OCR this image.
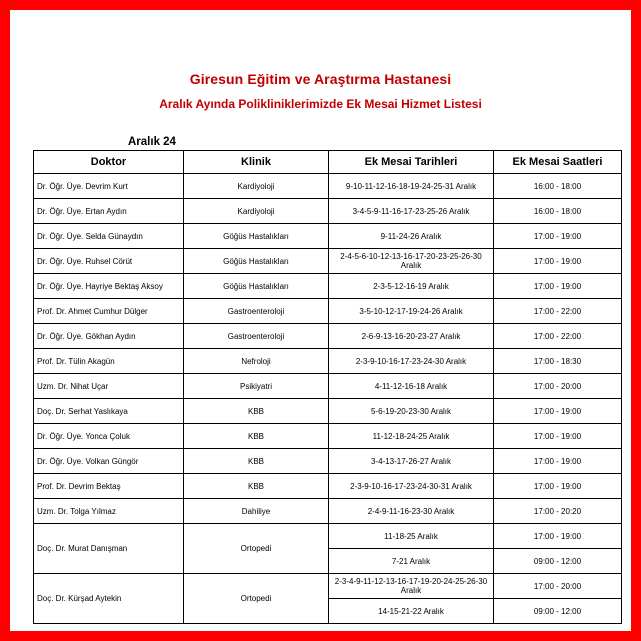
Giresun Eğitim ve Araştırma Hastanesi
Aralık Ayında Polikliniklerimizde Ek Mesai Hizmet Listesi
Aralık 24
Doktor	Klinik	Ek Mesai Tarihleri	Ek Mesai Saatleri
Dr. Öğr. Üye. Devrim Kurt	Kardiyoloji	9-10-11-12-16-18-19-24-25-31 Aralık	16:00 - 18:00
Dr. Öğr. Üye. Ertan Aydın	Kardiyoloji	3-4-5-9-11-16-17-23-25-26 Aralık	16:00 - 18:00
Dr. Öğr. Üye. Selda Günaydın	Göğüs Hastalıkları	9-11-24-26 Aralık	17:00 - 19:00
Dr. Öğr. Üye. Ruhsel Cörüt	Göğüs Hastalıkları	2-4-5-6-10-12-13-16-17-20-23-25-26-30 Aralık	17:00 - 19:00
Dr. Öğr. Üye. Hayriye Bektaş Aksoy	Göğüs Hastalıkları	2-3-5-12-16-19 Aralık	17:00 - 19:00
Prof. Dr. Ahmet Cumhur Dülger	Gastroenteroloji	3-5-10-12-17-19-24-26 Aralık	17:00 - 22:00
Dr. Öğr. Üye. Gökhan Aydın	Gastroenteroloji	2-6-9-13-16-20-23-27 Aralık	17:00 - 22:00
Prof. Dr. Tülin Akagün	Nefroloji	2-3-9-10-16-17-23-24-30 Aralık	17:00 - 18:30
Uzm. Dr. Nihat Uçar	Psikiyatri	4-11-12-16-18 Aralık	17:00 - 20:00
Doç. Dr. Serhat Yaslıkaya	KBB	5-6-19-20-23-30 Aralık	17:00 - 19:00
Dr. Öğr. Üye. Yonca Çoluk	KBB	11-12-18-24-25 Aralık	17:00 - 19:00
Dr. Öğr. Üye. Volkan Güngör	KBB	3-4-13-17-26-27 Aralık	17:00 - 19:00
Prof. Dr. Devrim Bektaş	KBB	2-3-9-10-16-17-23-24-30-31 Aralık	17:00 - 19:00
Uzm. Dr. Tolga Yılmaz	Dahiliye	2-4-9-11-16-23-30 Aralık	17:00 - 20:20
Doç. Dr. Murat Danışman	Ortopedi	11-18-25 Aralık	17:00 - 19:00
		7-21 Aralık	09:00 - 12:00
Doç. Dr. Kürşad Aytekin	Ortopedi	2-3-4-9-11-12-13-16-17-19-20-24-25-26-30 Aralık	17:00 - 20:00
		14-15-21-22 Aralık	09:00 - 12:00
